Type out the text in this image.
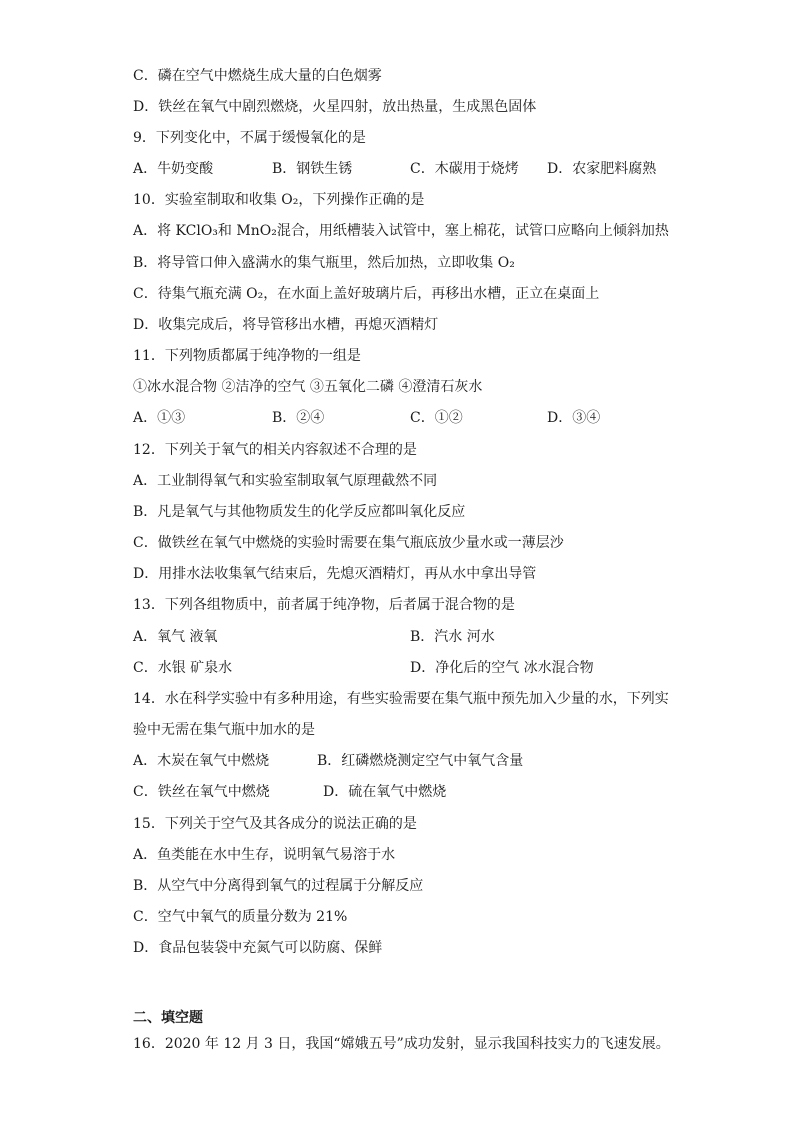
C．磷在空气中燃烧生成大量的白色烟雾
D．铁丝在氧气中剧烈燃烧，火星四射，放出热量，生成黑色固体
9．下列变化中，不属于缓慢氧化的是
A．牛奶变酸	B．钢铁生锈	C．木碳用于烧烤 D．农家肥料腐熟
10．实验室制取和收集 O₂，下列操作正确的是
A．将 KClO₃和 MnO₂混合，用纸槽装入试管中，塞上棉花，试管口应略向上倾斜加热
B．将导管口伸入盛满水的集气瓶里，然后加热，立即收集 O₂
C．待集气瓶充满 O₂，在水面上盖好玻璃片后，再移出水槽，正立在桌面上
D．收集完成后，将导管移出水槽，再熄灭酒精灯
11．下列物质都属于纯净物的一组是
①冰水混合物 ②洁净的空气 ③五氧化二磷 ④澄清石灰水
A．①③	B．②④	C．①②	D．③④
12．下列关于氧气的相关内容叙述不合理的是
A．工业制得氧气和实验室制取氧气原理截然不同
B．凡是氧气与其他物质发生的化学反应都叫氧化反应
C．做铁丝在氧气中燃烧的实验时需要在集气瓶底放少量水或一薄层沙
D．用排水法收集氧气结束后，先熄灭酒精灯，再从水中拿出导管
13．下列各组物质中，前者属于纯净物，后者属于混合物的是
A．氧气 液氧	B．汽水 河水
C．水银 矿泉水	D．净化后的空气 冰水混合物
14．水在科学实验中有多种用途，有些实验需要在集气瓶中预先加入少量的水，下列实
验中无需在集气瓶中加水的是
A．木炭在氧气中燃烧	B．红磷燃烧测定空气中氧气含量
C．铁丝在氧气中燃烧	D．硫在氧气中燃烧
15．下列关于空气及其各成分的说法正确的是
A．鱼类能在水中生存，说明氧气易溶于水
B．从空气中分离得到氧气的过程属于分解反应
C．空气中氧气的质量分数为 21%
D．食品包装袋中充氮气可以防腐、保鲜
二、填空题
16．2020 年 12 月 3 日，我国“嫦娥五号”成功发射，显示我国科技实力的飞速发展。
